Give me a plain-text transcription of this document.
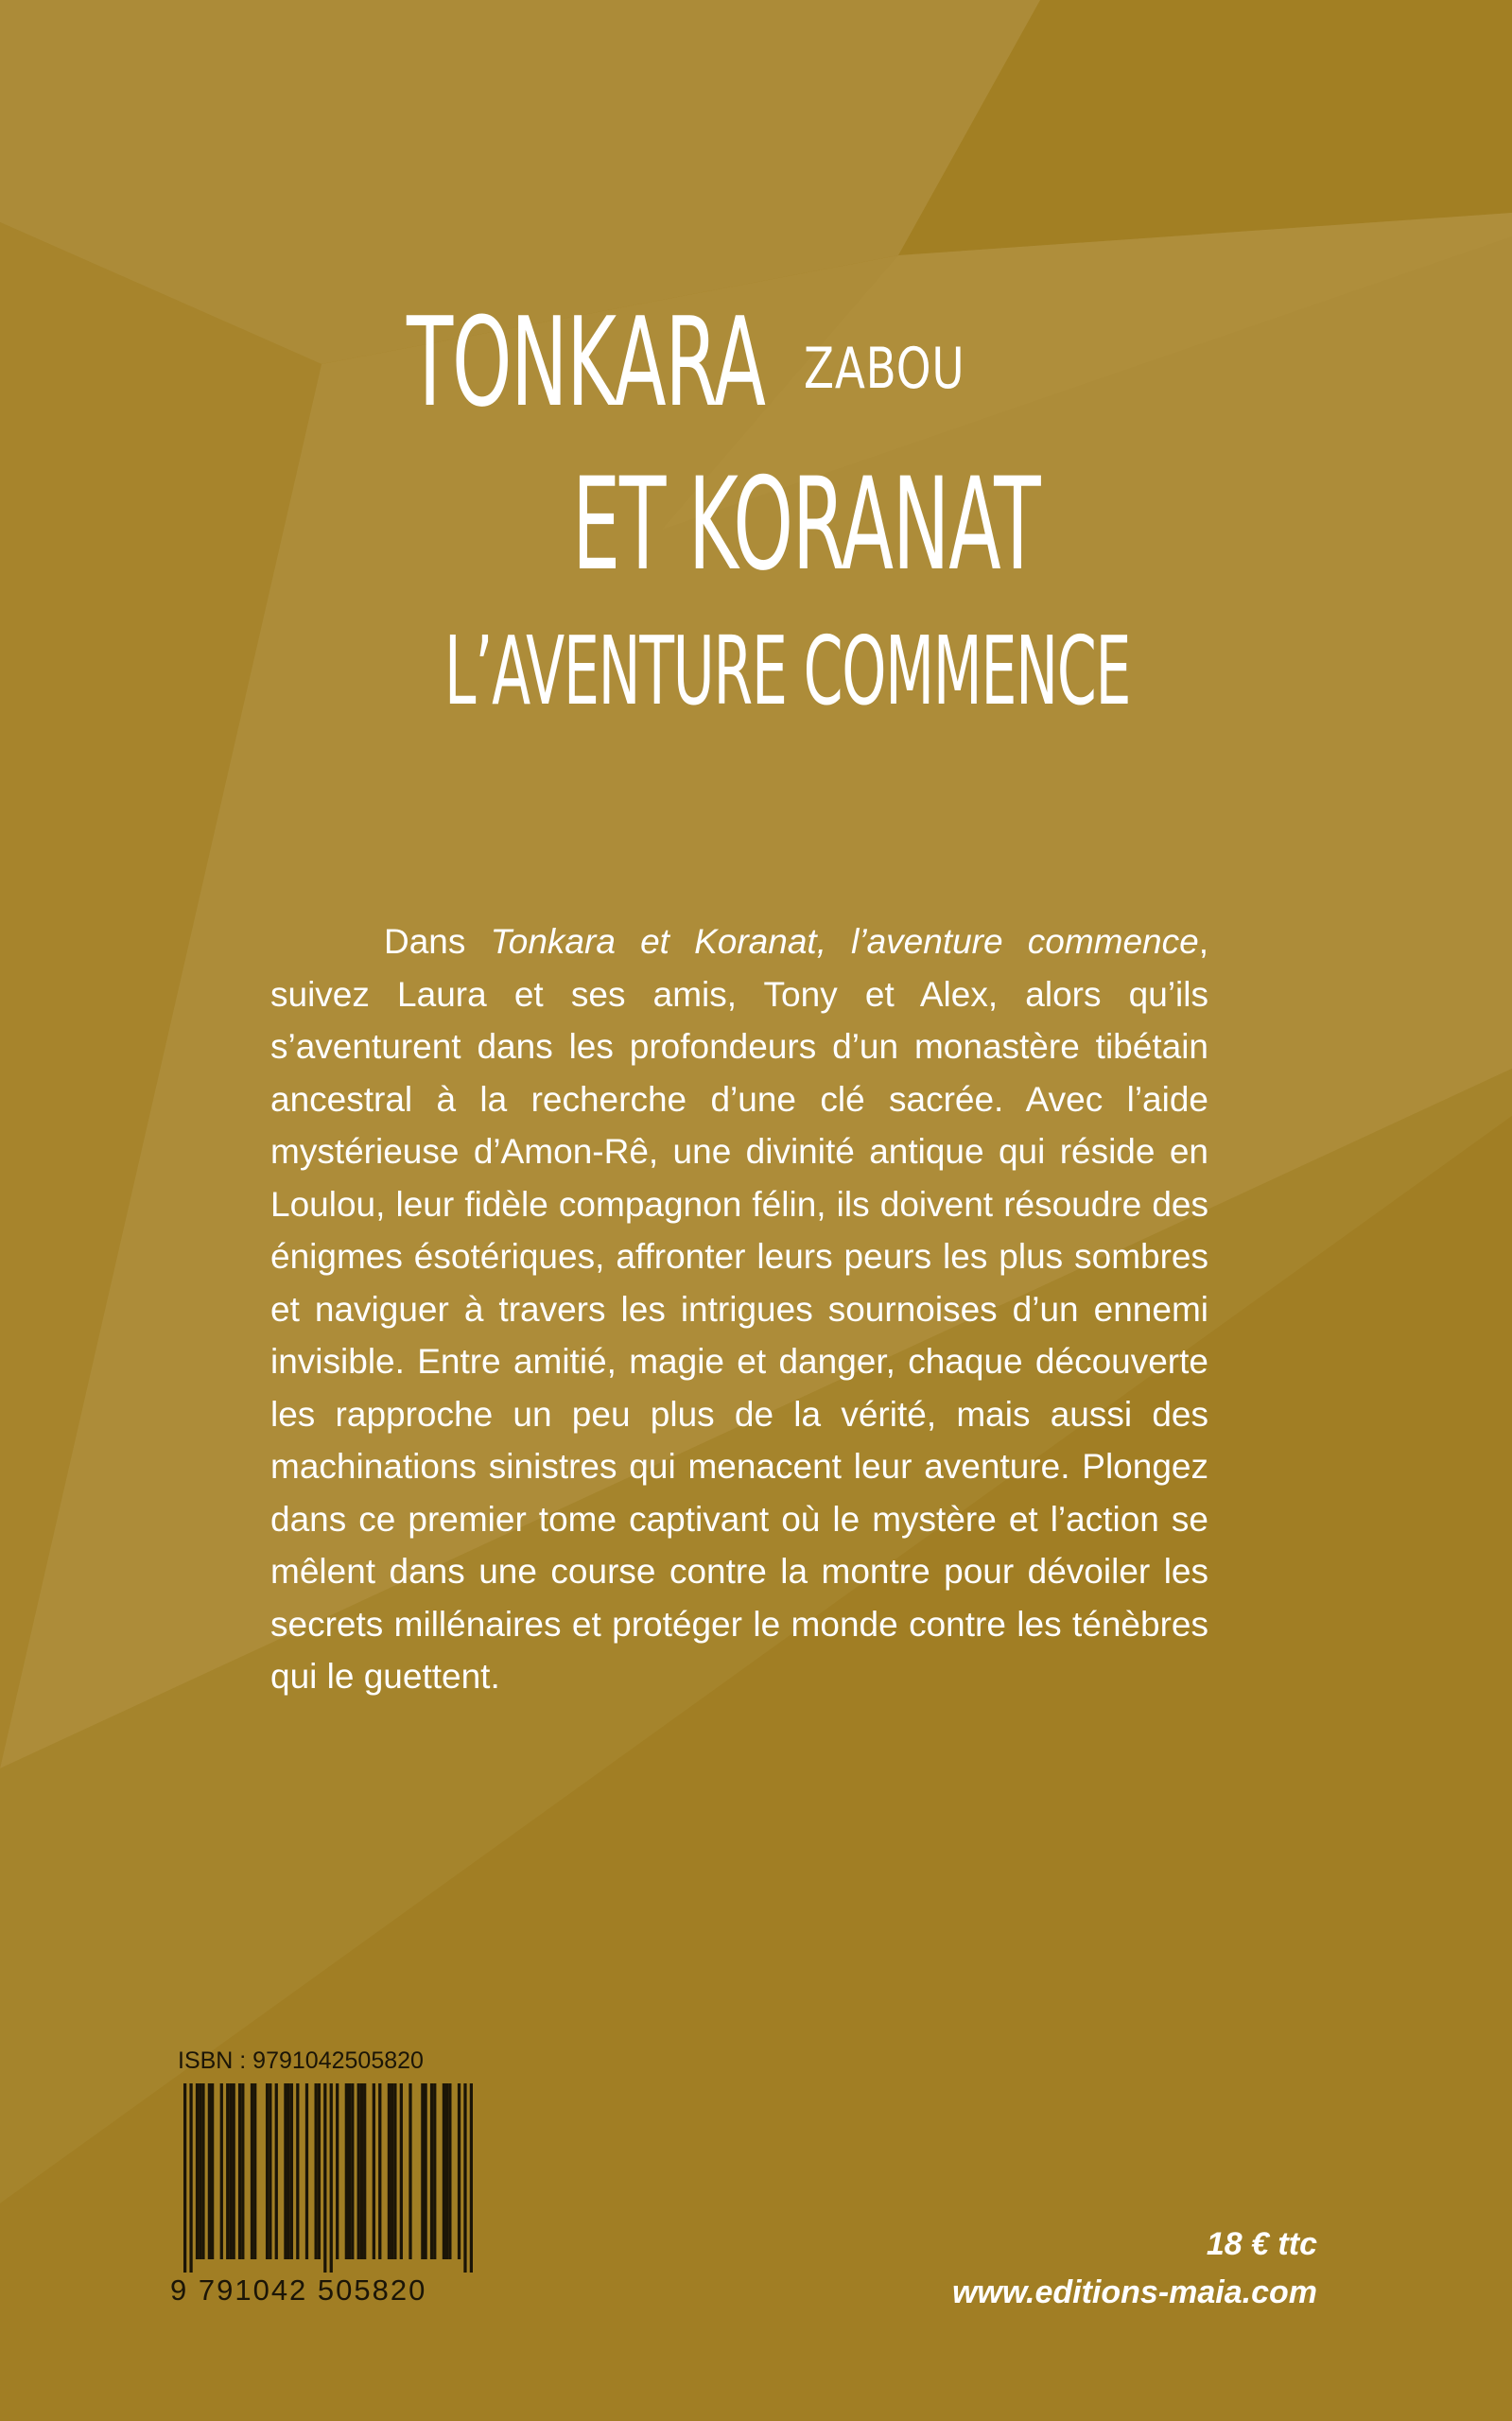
TONKARA ZABOU
ET KORANAT
L’AVENTURE COMMENCE

Dans Tonkara et Koranat, l’aventure commence, suivez Laura et ses amis, Tony et Alex, alors qu’ils s’aventurent dans les profondeurs d’un monastère tibétain ancestral à la recherche d’une clé sacrée. Avec l’aide mystérieuse d’Amon-Rê, une divinité antique qui réside en Loulou, leur fidèle compagnon félin, ils doivent résoudre des énigmes ésotériques, affronter leurs peurs les plus sombres et naviguer à travers les intrigues sournoises d’un ennemi invisible. Entre amitié, magie et danger, chaque découverte les rapproche un peu plus de la vérité, mais aussi des machinations sinistres qui menacent leur aventure. Plongez dans ce premier tome captivant où le mystère et l’action se mêlent dans une course contre la montre pour dévoiler les secrets millénaires et protéger le monde contre les ténèbres qui le guettent.

ISBN : 9791042505820
9 791042 505820
18 € ttc
www.editions-maia.com
